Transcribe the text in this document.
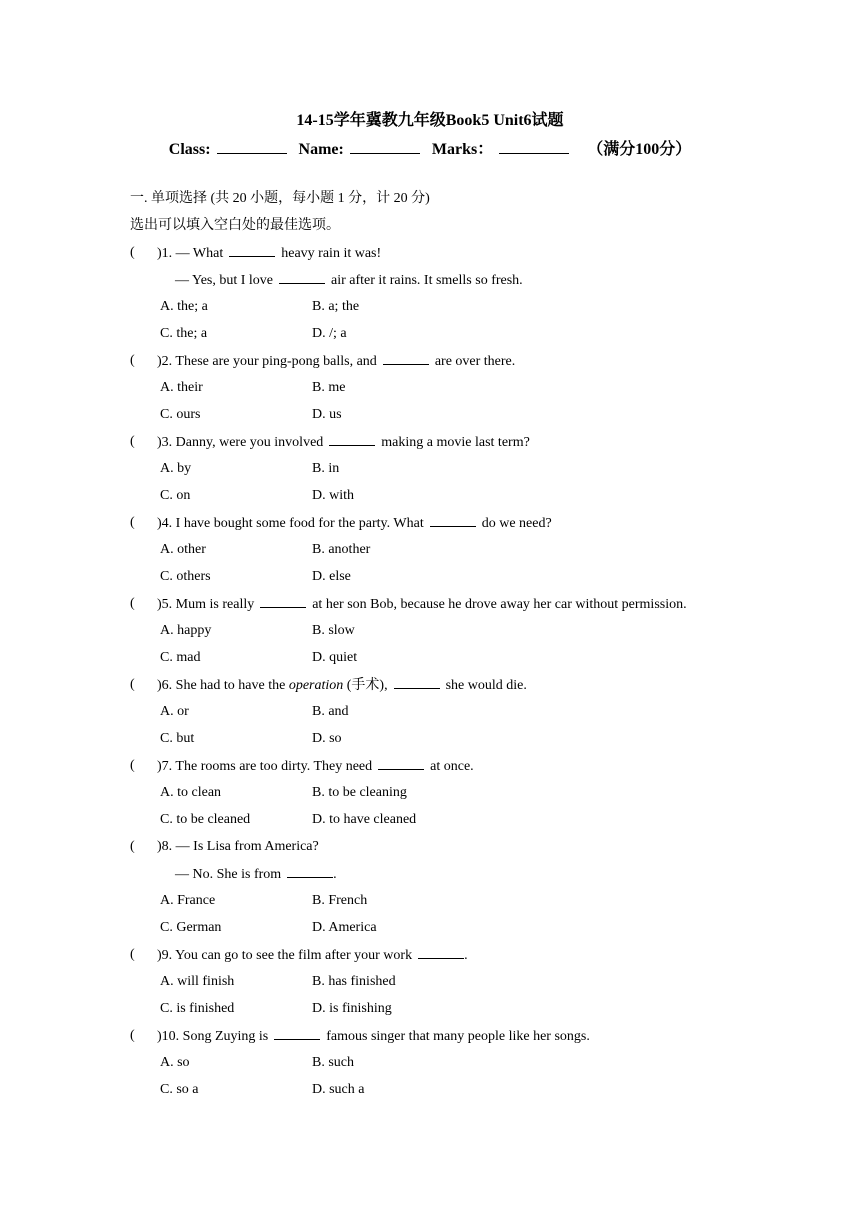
14-15学年冀教九年级Book5 Unit6试题
Class:	Name:	Marks：	（满分100分）
一. 单项选择 (共 20 小题，每小题 1 分，计 20 分)
选出可以填入空白处的最佳选项。
( )1. — What	heavy rain it was!
— Yes, but I love	air after it rains. It smells so fresh.
A. the; a	B. a; the
C. the; a	D. /; a
( )2. These are your ping-pong balls, and	are over there.
A. their	B. me
C. ours	D. us
( )3. Danny, were you involved	making a movie last term?
A. by	B. in
C. on	D. with
( )4. I have bought some food for the party. What	do we need?
A. other	B. another
C. others	D. else
( )5. Mum is really	at her son Bob, because he drove away her car without permission.
A. happy	B. slow
C. mad	D. quiet
( )6. She had to have the operation (手术),	she would die.
A. or	B. and
C. but	D. so
( )7. The rooms are too dirty. They need	at once.
A. to clean	B. to be cleaning
C. to be cleaned	D. to have cleaned
( )8. — Is Lisa from America?
— No. She is from	.
A. France	B. French
C. German	D. America
( )9. You can go to see the film after your work	.
A. will finish	B. has finished
C. is finished	D. is finishing
( )10. Song Zuying is	famous singer that many people like her songs.
A. so	B. such
C. so a	D. such a
